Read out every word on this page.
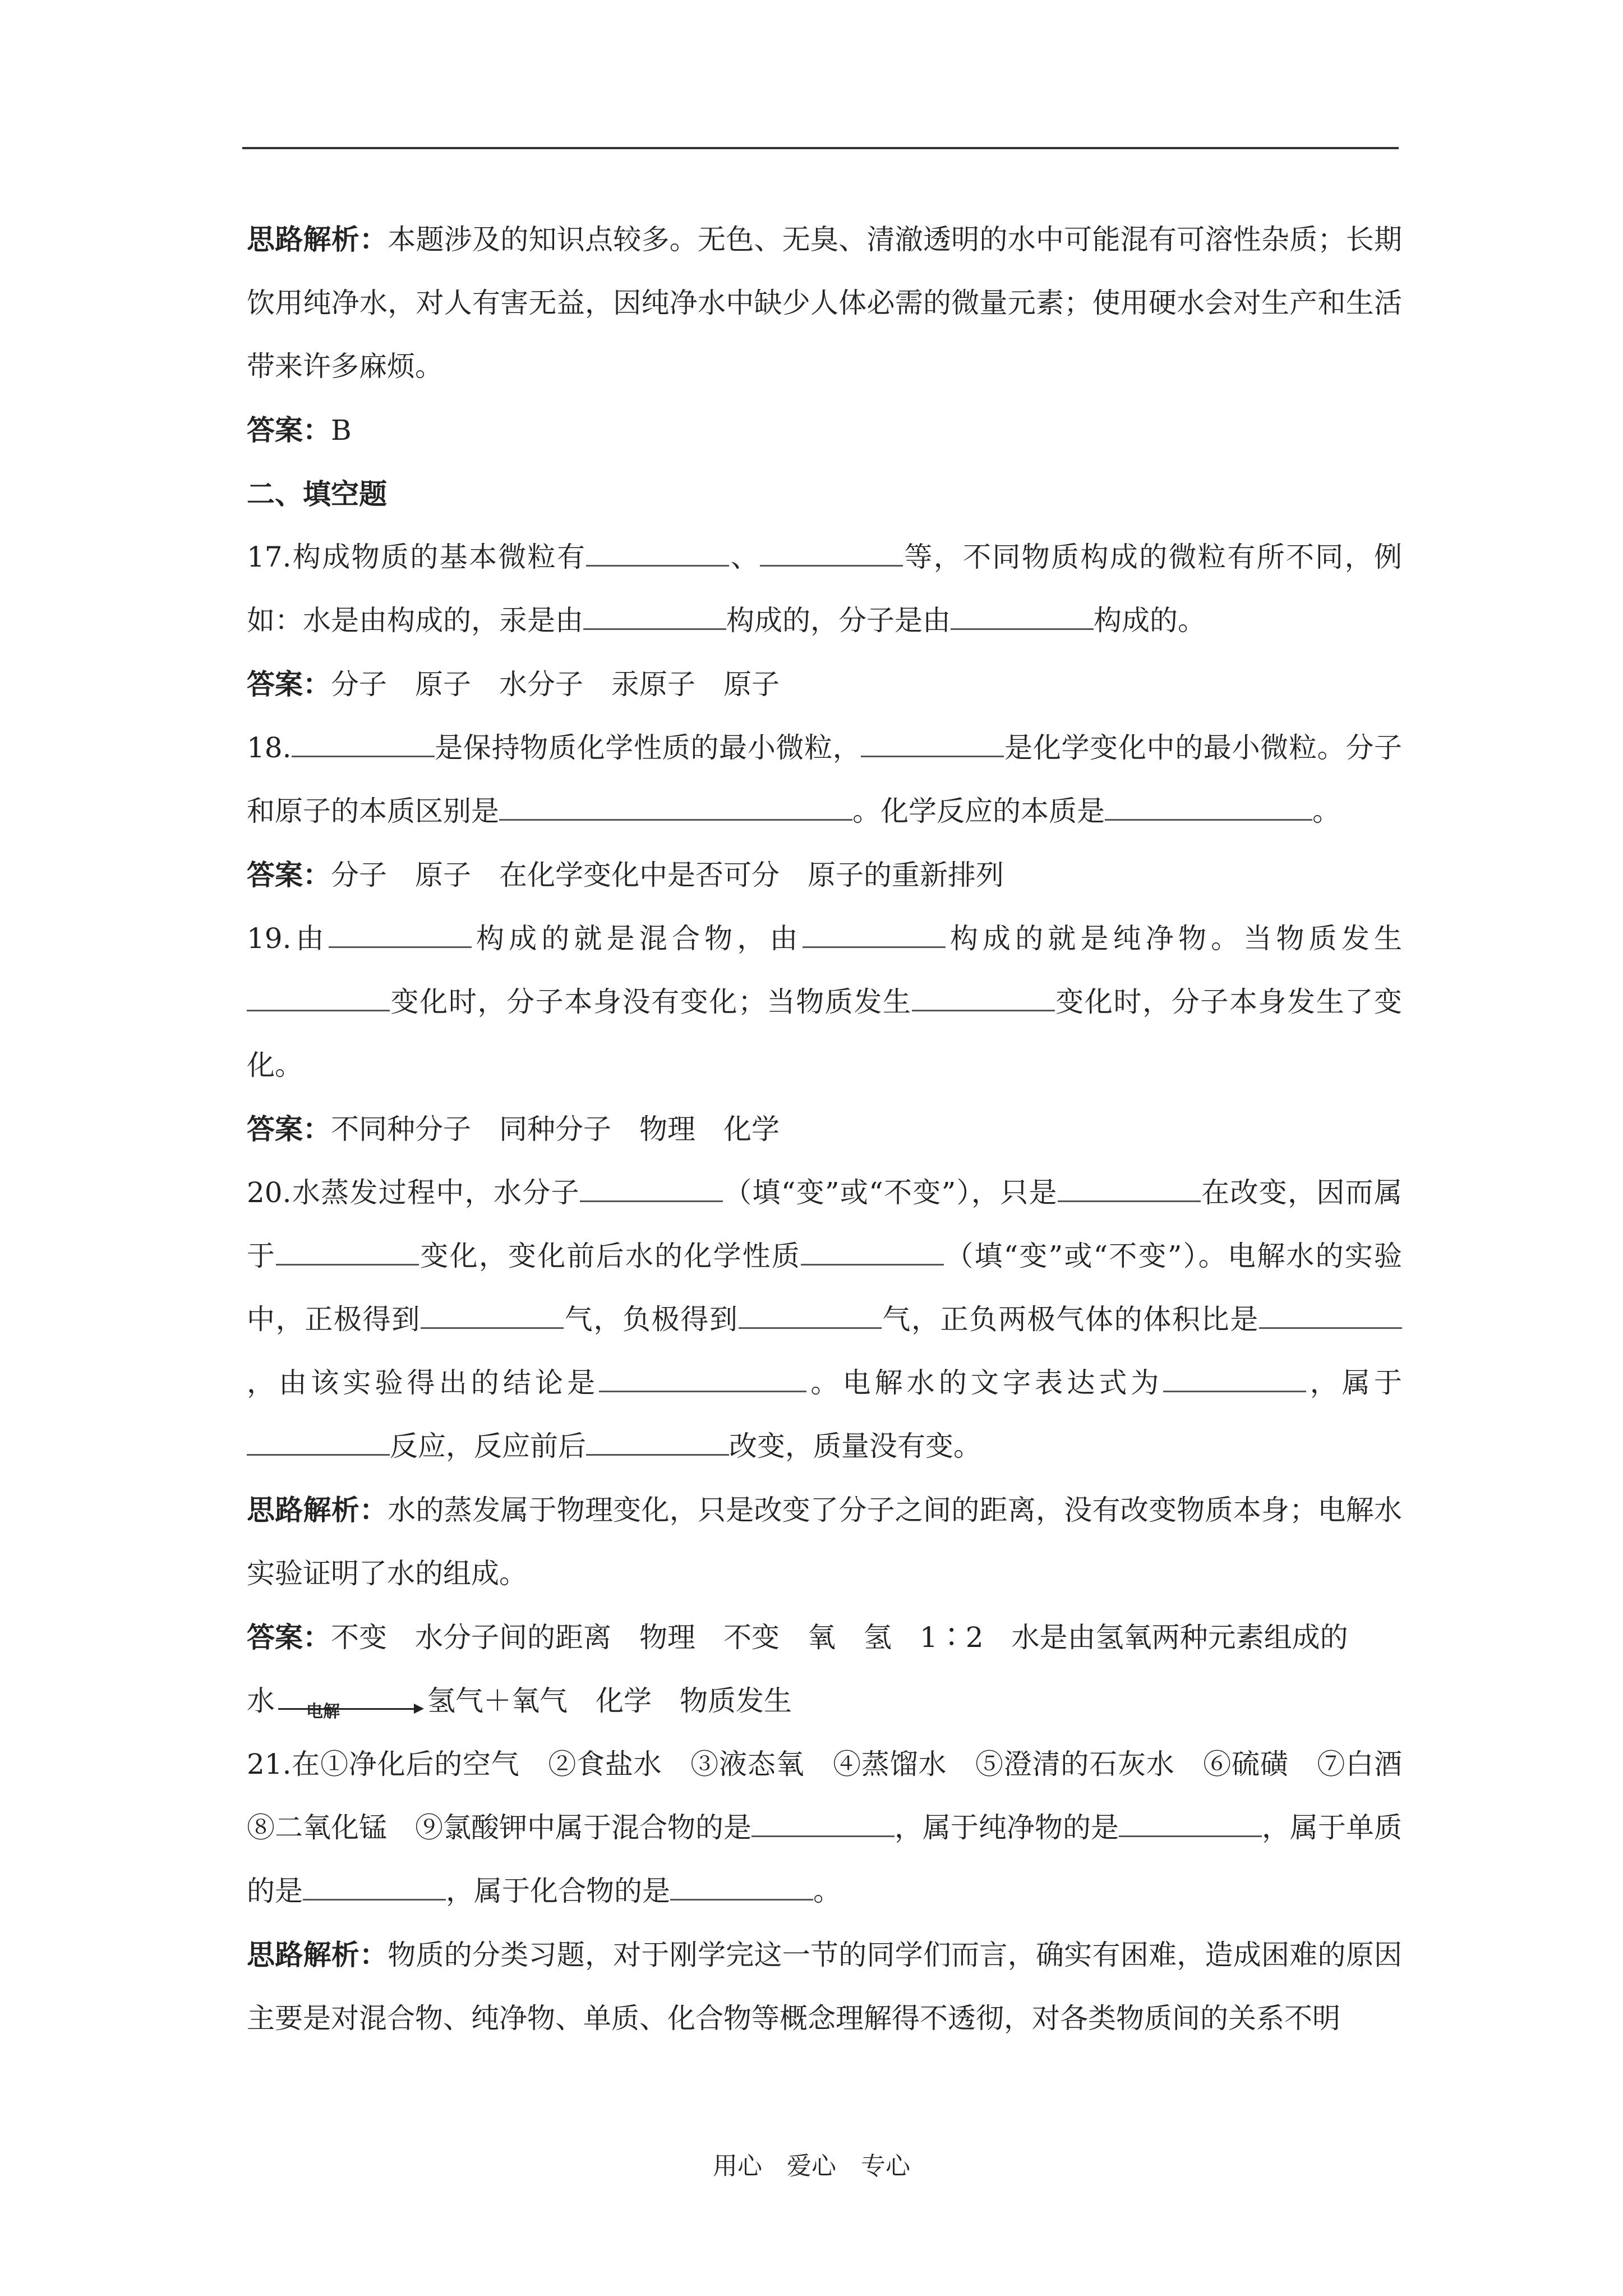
思路解析：本题涉及的知识点较多。无色、无臭、清澈透明的水中可能混有可溶性杂质；长期饮用纯净水，对人有害无益，因纯净水中缺少人体必需的微量元素；使用硬水会对生产和生活带来许多麻烦。

答案：B

二、填空题

17.构成物质的基本微粒有	、	等，不同物质构成的微粒有所不同，例如：水是由构成的，汞是由	构成的，分子是由	构成的。

答案：分子　原子　水分子　汞原子　原子

18.	是保持物质化学性质的最小微粒，	是化学变化中的最小微粒。分子和原子的本质区别是	。化学反应的本质是	。

答案：分子　原子　在化学变化中是否可分　原子的重新排列

19.由	构成的就是混合物，由	构成的就是纯净物。当物质发生变化时，分子本身没有变化；当物质发生	变化时，分子本身发生了变化。

答案：不同种分子　同种分子　物理　化学

20.水蒸发过程中，水分子	（填“变”或“不变”），只是	在改变，因而属于	变化，变化前后水的化学性质	（填“变”或“不变”）。电解水的实验中，正极得到	气，负极得到	气，正负两极气体的体积比是，由该实验得出的结论是	。电解水的文字表达式为	，属于反应，反应前后	改变，质量没有变。

思路解析：水的蒸发属于物理变化，只是改变了分子之间的距离，没有改变物质本身；电解水实验证明了水的组成。

答案：不变　水分子间的距离　物理　不变　氧　氢　1∶2　水是由氢氧两种元素组成的

水 电解	氢气＋氧气　化学　物质发生

21.在①净化后的空气　②食盐水　③液态氧　④蒸馏水　⑤澄清的石灰水　⑥硫磺　⑦白酒　⑧二氧化锰　⑨氯酸钾中属于混合物的是	，属于纯净物的是	，属于单质的是	，属于化合物的是	。

思路解析：物质的分类习题，对于刚学完这一节的同学们而言，确实有困难，造成困难的原因主要是对混合物、纯净物、单质、化合物等概念理解得不透彻，对各类物质间的关系不明

用心　爱心　专心
